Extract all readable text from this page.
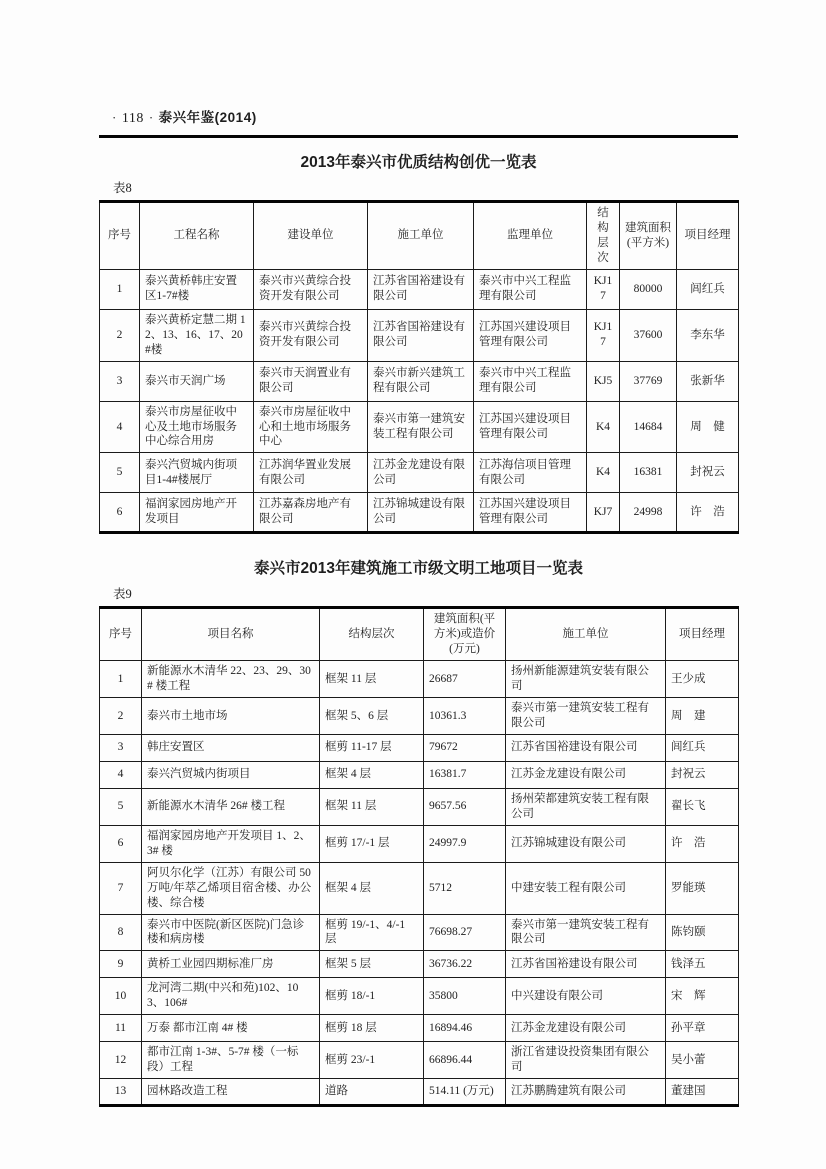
· 118 · 泰兴年鉴(2014)
2013年泰兴市优质结构创优一览表
表8
序号	工程名称	建设单位	施工单位	监理单位	结构层次	建筑面积(平方米)	项目经理
1	泰兴黄桥韩庄安置区1-7#楼	泰兴市兴黄综合投资开发有限公司	江苏省国裕建设有限公司	泰兴市中兴工程监理有限公司	KJ17	80000	闾红兵
2	泰兴黄桥定慧二期 12、13、16、17、20#楼	泰兴市兴黄综合投资开发有限公司	江苏省国裕建设有限公司	江苏国兴建设项目管理有限公司	KJ17	37600	李东华
3	泰兴市天润广场	泰兴市天润置业有限公司	泰兴市新兴建筑工程有限公司	泰兴市中兴工程监理有限公司	KJ5	37769	张新华
4	泰兴市房屋征收中心及土地市场服务中心综合用房	泰兴市房屋征收中心和土地市场服务中心	泰兴市第一建筑安装工程有限公司	江苏国兴建设项目管理有限公司	K4	14684	周　健
5	泰兴汽贸城内街项目1-4#楼展厅	江苏润华置业发展有限公司	江苏金龙建设有限公司	江苏海信项目管理有限公司	K4	16381	封祝云
6	福润家园房地产开发项目	江苏嘉森房地产有限公司	江苏锦城建设有限公司	江苏国兴建设项目管理有限公司	KJ7	24998	许　浩
泰兴市2013年建筑施工市级文明工地项目一览表
表9
序号	项目名称	结构层次	建筑面积(平方米)或造价(万元)	施工单位	项目经理
1	新能源水木清华 22、23、29、30# 楼工程	框架 11 层	26687	扬州新能源建筑安装有限公司	王少成
2	泰兴市土地市场	框架 5、6 层	10361.3	泰兴市第一建筑安装工程有限公司	周　建
3	韩庄安置区	框剪 11-17 层	79672	江苏省国裕建设有限公司	闾红兵
4	泰兴汽贸城内街项目	框架 4 层	16381.7	江苏金龙建设有限公司	封祝云
5	新能源水木清华 26# 楼工程	框架 11 层	9657.56	扬州荣都建筑安装工程有限公司	翟长飞
6	福润家园房地产开发项目 1、2、3# 楼	框剪 17/-1 层	24997.9	江苏锦城建设有限公司	许　浩
7	阿贝尔化学（江苏）有限公司 50 万吨/年萃乙烯项目宿舍楼、办公楼、综合楼	框架 4 层	5712	中建安装工程有限公司	罗能瑛
8	泰兴市中医院(新区医院)门急诊楼和病房楼	框剪 19/-1、4/-1 层	76698.27	泰兴市第一建筑安装工程有限公司	陈钧颐
9	黄桥工业园四期标准厂房	框架 5 层	36736.22	江苏省国裕建设有限公司	钱泽五
10	龙河湾二期(中兴和苑)102、103、106#	框剪 18/-1	35800	中兴建设有限公司	宋　辉
11	万泰 都市江南 4# 楼	框剪 18 层	16894.46	江苏金龙建设有限公司	孙平章
12	都市江南 1-3#、5-7# 楼（一标段）工程	框剪 23/-1	66896.44	浙江省建设投资集团有限公司	吴小蕾
13	园林路改造工程	道路	514.11 (万元)	江苏鹏腾建筑有限公司	董建国
